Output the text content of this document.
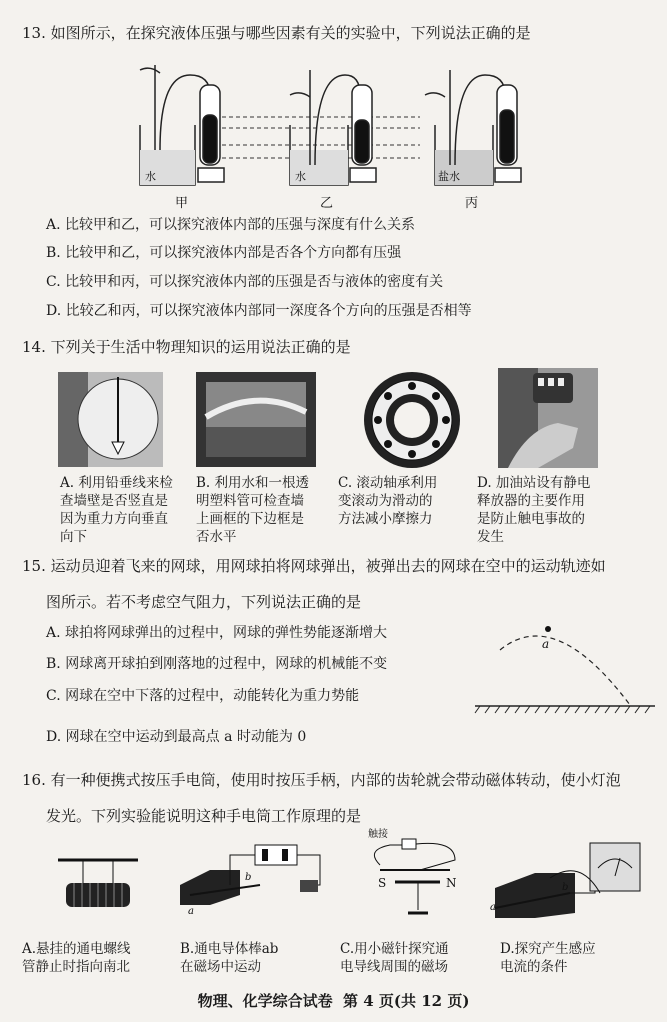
13. 如图所示，在探究液体压强与哪些因素有关的实验中，下列说法正确的是
水	水	盐水
甲	乙	丙
A. 比较甲和乙，可以探究液体内部的压强与深度有什么关系
B. 比较甲和乙，可以探究液体内部是否各个方向都有压强
C. 比较甲和丙，可以探究液体内部的压强是否与液体的密度有关
D. 比较乙和丙，可以探究液体内部同一深度各个方向的压强是否相等
14. 下列关于生活中物理知识的运用说法正确的是
A. 利用铅垂线来检
查墙壁是否竖直是
因为重力方向垂直
向下
B. 利用水和一根透
明塑料管可检查墙
上画框的下边框是
否水平
C. 滚动轴承利用
变滚动为滑动的
方法减小摩擦力
D. 加油站设有静电
释放器的主要作用
是防止触电事故的
发生
15. 运动员迎着飞来的网球，用网球拍将网球弹出，被弹出去的网球在空中的运动轨迹如
图所示。若不考虑空气阻力，下列说法正确的是
A. 球拍将网球弹出的过程中，网球的弹性势能逐渐增大
B. 网球离开球拍到刚落地的过程中，网球的机械能不变
C. 网球在空中下落的过程中，动能转化为重力势能
D. 网球在空中运动到最高点 a 时动能为 0
a
16. 有一种便携式按压手电筒，使用时按压手柄，内部的齿轮就会带动磁体转动，使小灯泡
发光。下列实验能说明这种手电筒工作原理的是
a
b
触接
S	N
a
b
A.悬挂的通电螺线
管静止时指向南北
B.通电导体棒ab
在磁场中运动
C.用小磁针探究通
电导线周围的磁场
D.探究产生感应
电流的条件
物理、化学综合试卷  第 4 页(共 12 页)
